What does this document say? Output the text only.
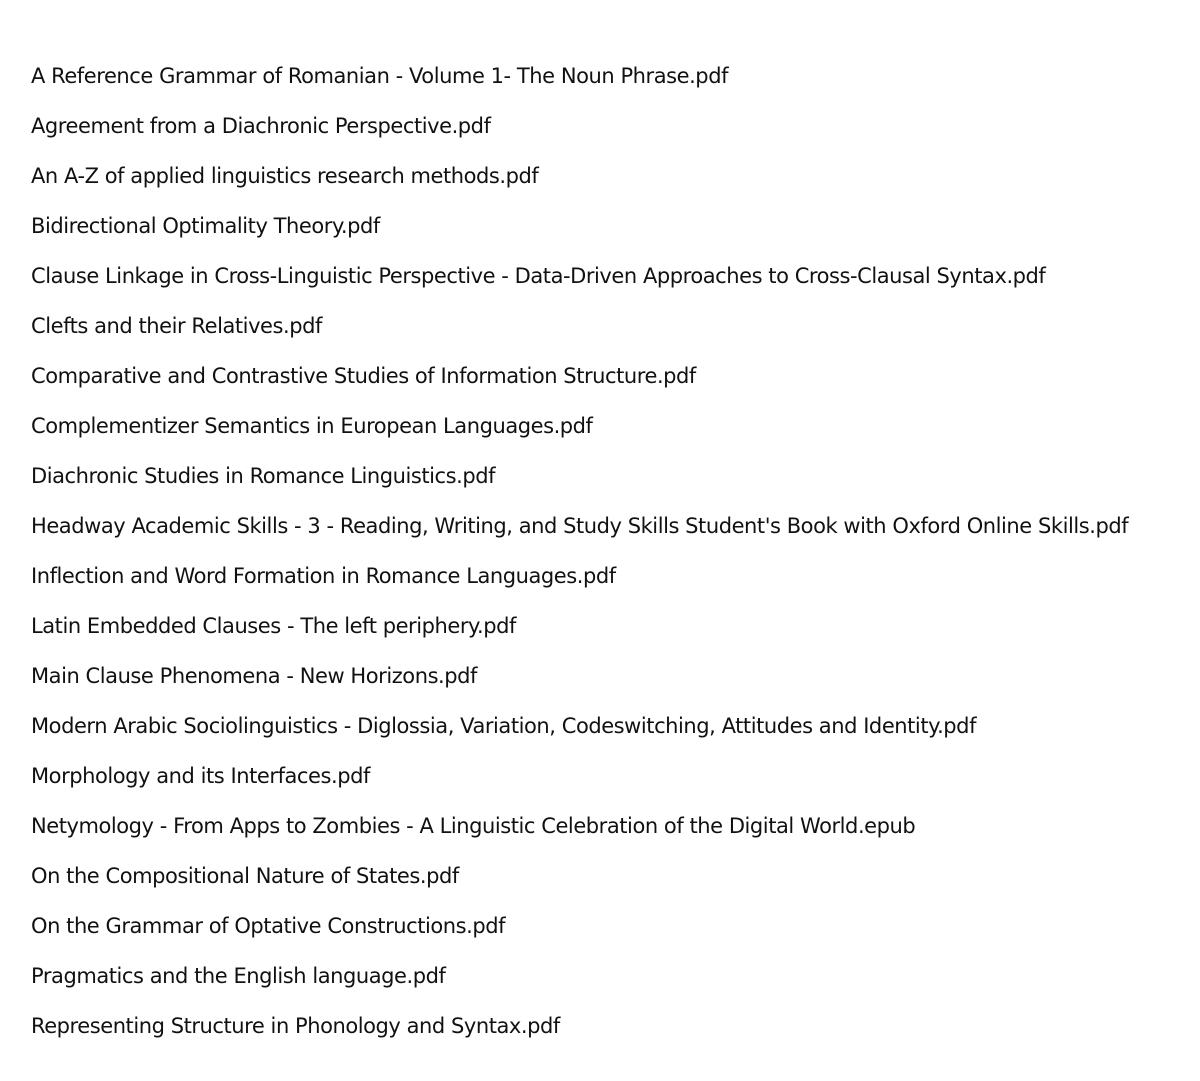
A Reference Grammar of Romanian - Volume 1- The Noun Phrase.pdf
Agreement from a Diachronic Perspective.pdf
An A-Z of applied linguistics research methods.pdf
Bidirectional Optimality Theory.pdf
Clause Linkage in Cross-Linguistic Perspective - Data-Driven Approaches to Cross-Clausal Syntax.pdf
Clefts and their Relatives.pdf
Comparative and Contrastive Studies of Information Structure.pdf
Complementizer Semantics in European Languages.pdf
Diachronic Studies in Romance Linguistics.pdf
Headway Academic Skills - 3 - Reading, Writing, and Study Skills Student's Book with Oxford Online Skills.pdf
Inflection and Word Formation in Romance Languages.pdf
Latin Embedded Clauses - The left periphery.pdf
Main Clause Phenomena - New Horizons.pdf
Modern Arabic Sociolinguistics - Diglossia, Variation, Codeswitching, Attitudes and Identity.pdf
Morphology and its Interfaces.pdf
Netymology - From Apps to Zombies - A Linguistic Celebration of the Digital World.epub
On the Compositional Nature of States.pdf
On the Grammar of Optative Constructions.pdf
Pragmatics and the English language.pdf
Representing Structure in Phonology and Syntax.pdf
